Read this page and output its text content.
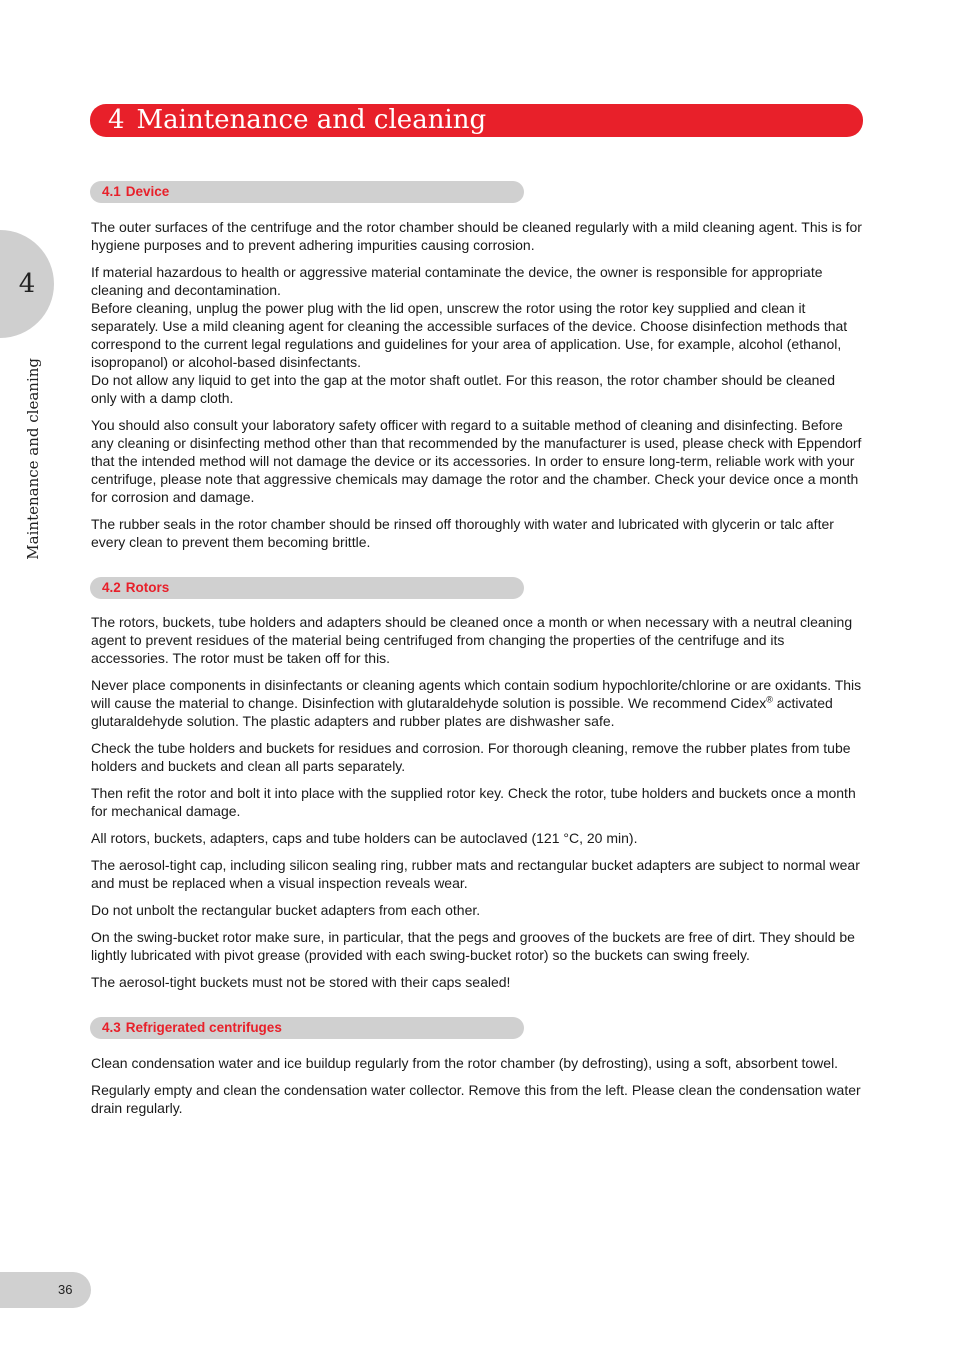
4 Maintenance and cleaning
4
Maintenance and cleaning
4.1 Device

The outer surfaces of the centrifuge and the rotor chamber should be cleaned regularly with a mild cleaning agent. This is for hygiene purposes and to prevent adhering impurities causing corrosion.

If material hazardous to health or aggressive material contaminate the device, the owner is responsible for appropriate cleaning and decontamination.

Before cleaning, unplug the power plug with the lid open, unscrew the rotor using the rotor key supplied and clean it separately. Use a mild cleaning agent for cleaning the accessible surfaces of the device. Choose disinfection methods that correspond to the current legal regulations and guidelines for your area of application. Use, for example, alcohol (ethanol, isopropanol) or alcohol-based disinfectants.

Do not allow any liquid to get into the gap at the motor shaft outlet. For this reason, the rotor chamber should be cleaned only with a damp cloth.

You should also consult your laboratory safety officer with regard to a suitable method of cleaning and disinfecting. Before any cleaning or disinfecting method other than that recommended by the manufacturer is used, please check with Eppendorf that the intended method will not damage the device or its accessories. In order to ensure long-term, reliable work with your centrifuge, please note that aggressive chemicals may damage the rotor and the chamber. Check your device once a month for corrosion and damage.

The rubber seals in the rotor chamber should be rinsed off thoroughly with water and lubricated with glycerin or talc after every clean to prevent them becoming brittle.

4.2 Rotors

The rotors, buckets, tube holders and adapters should be cleaned once a month or when necessary with a neutral cleaning agent to prevent residues of the material being centrifuged from changing the properties of the centrifuge and its accessories. The rotor must be taken off for this.

Never place components in disinfectants or cleaning agents which contain sodium hypochlorite/chlorine or are oxidants. This will cause the material to change. Disinfection with glutaraldehyde solution is possible. We recommend Cidex® activated glutaraldehyde solution. The plastic adapters and rubber plates are dishwasher safe.

Check the tube holders and buckets for residues and corrosion. For thorough cleaning, remove the rubber plates from tube holders and buckets and clean all parts separately.

Then refit the rotor and bolt it into place with the supplied rotor key. Check the rotor, tube holders and buckets once a month for mechanical damage.

All rotors, buckets, adapters, caps and tube holders can be autoclaved (121 °C, 20 min).

The aerosol-tight cap, including silicon sealing ring, rubber mats and rectangular bucket adapters are subject to normal wear and must be replaced when a visual inspection reveals wear.

Do not unbolt the rectangular bucket adapters from each other.

On the swing-bucket rotor make sure, in particular, that the pegs and grooves of the buckets are free of dirt. They should be lightly lubricated with pivot grease (provided with each swing-bucket rotor) so the buckets can swing freely.

The aerosol-tight buckets must not be stored with their caps sealed!

4.3 Refrigerated centrifuges

Clean condensation water and ice buildup regularly from the rotor chamber (by defrosting), using a soft, absorbent towel.

Regularly empty and clean the condensation water collector. Remove this from the left. Please clean the condensation water drain regularly.

36
